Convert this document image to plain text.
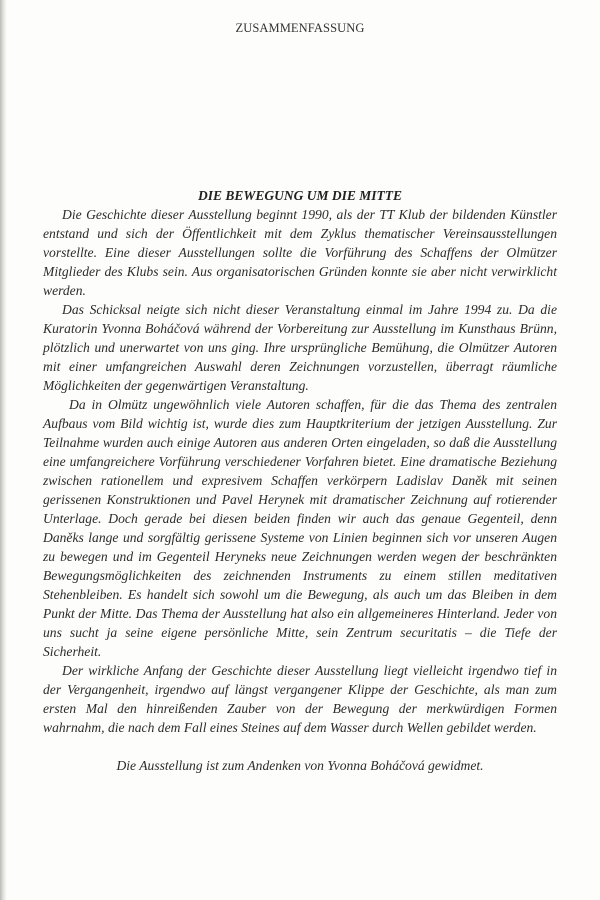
ZUSAMMENFASSUNG
DIE BEWEGUNG UM DIE MITTE

Die Geschichte dieser Ausstellung beginnt 1990, als der TT Klub der bildenden Künstler entstand und sich der Öffentlichkeit mit dem Zyklus thematischer Vereinsausstellungen vorstellte. Eine dieser Ausstellungen sollte die Vorführung des Schaffens der Olmützer Mitglieder des Klubs sein. Aus organisatorischen Gründen konnte sie aber nicht verwirklicht werden.

Das Schicksal neigte sich nicht dieser Veranstaltung einmal im Jahre 1994 zu. Da die Kuratorin Yvonna Boháčová während der Vorbereitung zur Ausstellung im Kunsthaus Brünn, plötzlich und unerwartet von uns ging. Ihre ursprüngliche Bemühung, die Olmützer Autoren mit einer umfangreichen Auswahl deren Zeichnungen vorzustellen, überragt räumliche Möglichkeiten der gegenwärtigen Veranstaltung.

Da in Olmütz ungewöhnlich viele Autoren schaffen, für die das Thema des zentralen Aufbaus vom Bild wichtig ist, wurde dies zum Hauptkriterium der jetzigen Ausstellung. Zur Teilnahme wurden auch einige Autoren aus anderen Orten eingeladen, so daß die Ausstellung eine umfangreichere Vorführung verschiedener Vorfahren bietet. Eine dramatische Beziehung zwischen rationellem und expresivem Schaffen verkörpern Ladislav Daněk mit seinen gerissenen Konstruktionen und Pavel Herynek mit dramatischer Zeichnung auf rotierender Unterlage. Doch gerade bei diesen beiden finden wir auch das genaue Gegenteil, denn Daněks lange und sorgfältig gerissene Systeme von Linien beginnen sich vor unseren Augen zu bewegen und im Gegenteil Heryneks neue Zeichnungen werden wegen der beschränkten Bewegungsmöglichkeiten des zeichnenden Instruments zu einem stillen meditativen Stehenbleiben. Es handelt sich sowohl um die Bewegung, als auch um das Bleiben in dem Punkt der Mitte. Das Thema der Ausstellung hat also ein allgemeineres Hinterland. Jeder von uns sucht ja seine eigene persönliche Mitte, sein Zentrum securitatis – die Tiefe der Sicherheit.

Der wirkliche Anfang der Geschichte dieser Ausstellung liegt vielleicht irgendwo tief in der Vergangenheit, irgendwo auf längst vergangener Klippe der Geschichte, als man zum ersten Mal den hinreißenden Zauber von der Bewegung der merkwürdigen Formen wahrnahm, die nach dem Fall eines Steines auf dem Wasser durch Wellen gebildet werden.

Die Ausstellung ist zum Andenken von Yvonna Boháčová gewidmet.
